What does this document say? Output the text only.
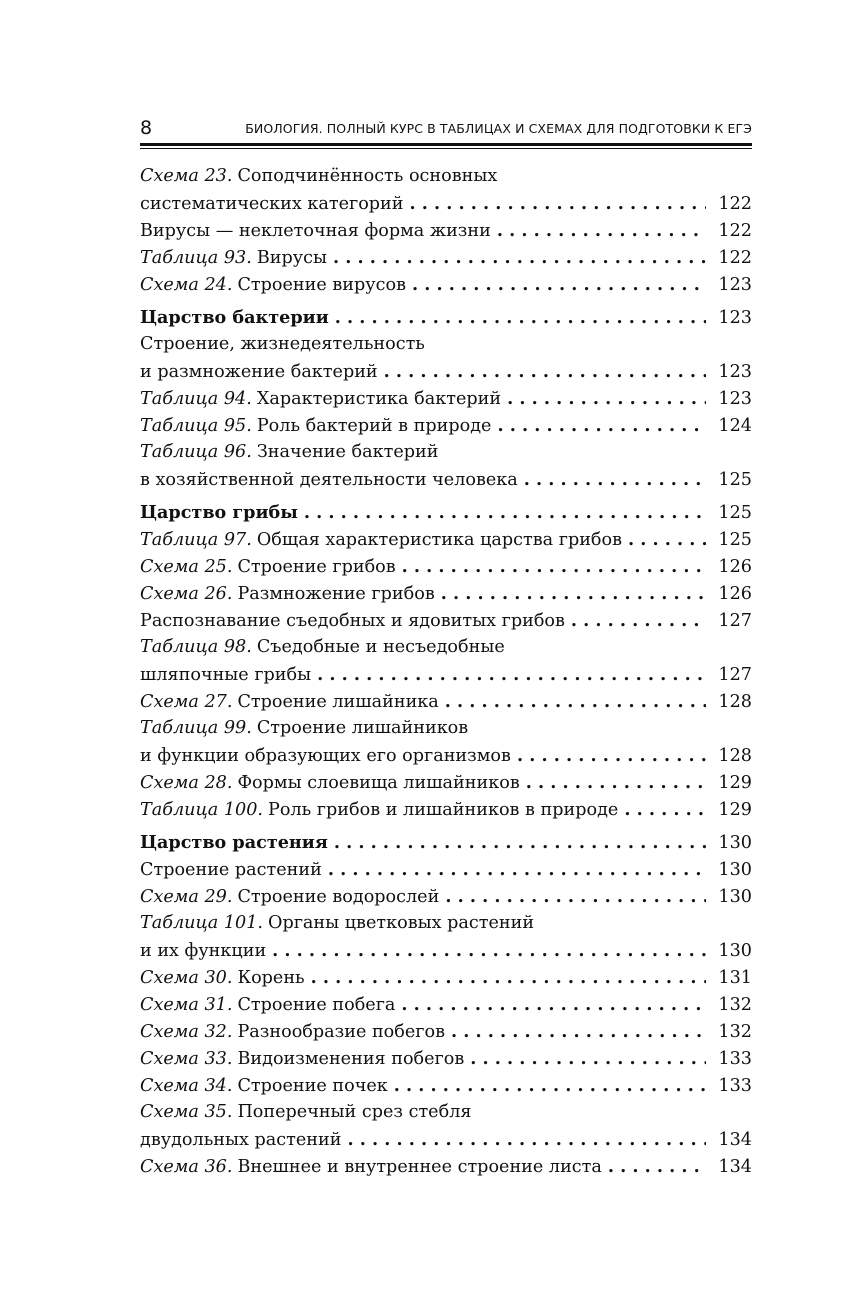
8	БИОЛОГИЯ. ПОЛНЫЙ КУРС В ТАБЛИЦАХ И СХЕМАХ ДЛЯ ПОДГОТОВКИ К ЕГЭ
Схема 23. Соподчинённость основных
систематических категорий . . .	122
Вирусы — неклеточная форма жизни . . .	122
Таблица 93. Вирусы . . .	122
Схема 24. Строение вирусов . . .	123
Царство бактерии . . .	123
Строение, жизнедеятельность
и размножение бактерий . . .	123
Таблица 94. Характеристика бактерий . . .	123
Таблица 95. Роль бактерий в природе . . .	124
Таблица 96. Значение бактерий
в хозяйственной деятельности человека . . .	125
Царство грибы . . .	125
Таблица 97. Общая характеристика царства грибов . . .	125
Схема 25. Строение грибов . . .	126
Схема 26. Размножение грибов . . .	126
Распознавание съедобных и ядовитых грибов . . .	127
Таблица 98. Съедобные и несъедобные
шляпочные грибы . . .	127
Схема 27. Строение лишайника . . .	128
Таблица 99. Строение лишайников
и функции образующих его организмов . . .	128
Схема 28. Формы слоевища лишайников . . .	129
Таблица 100. Роль грибов и лишайников в природе . . .	129
Царство растения . . .	130
Строение растений . . .	130
Схема 29. Строение водорослей . . .	130
Таблица 101. Органы цветковых растений
и их функции . . .	130
Схема 30. Корень . . .	131
Схема 31. Строение побега . . .	132
Схема 32. Разнообразие побегов . . .	132
Схема 33. Видоизменения побегов . . .	133
Схема 34. Строение почек . . .	133
Схема 35. Поперечный срез стебля
двудольных растений . . .	134
Схема 36. Внешнее и внутреннее строение листа . . .	134
